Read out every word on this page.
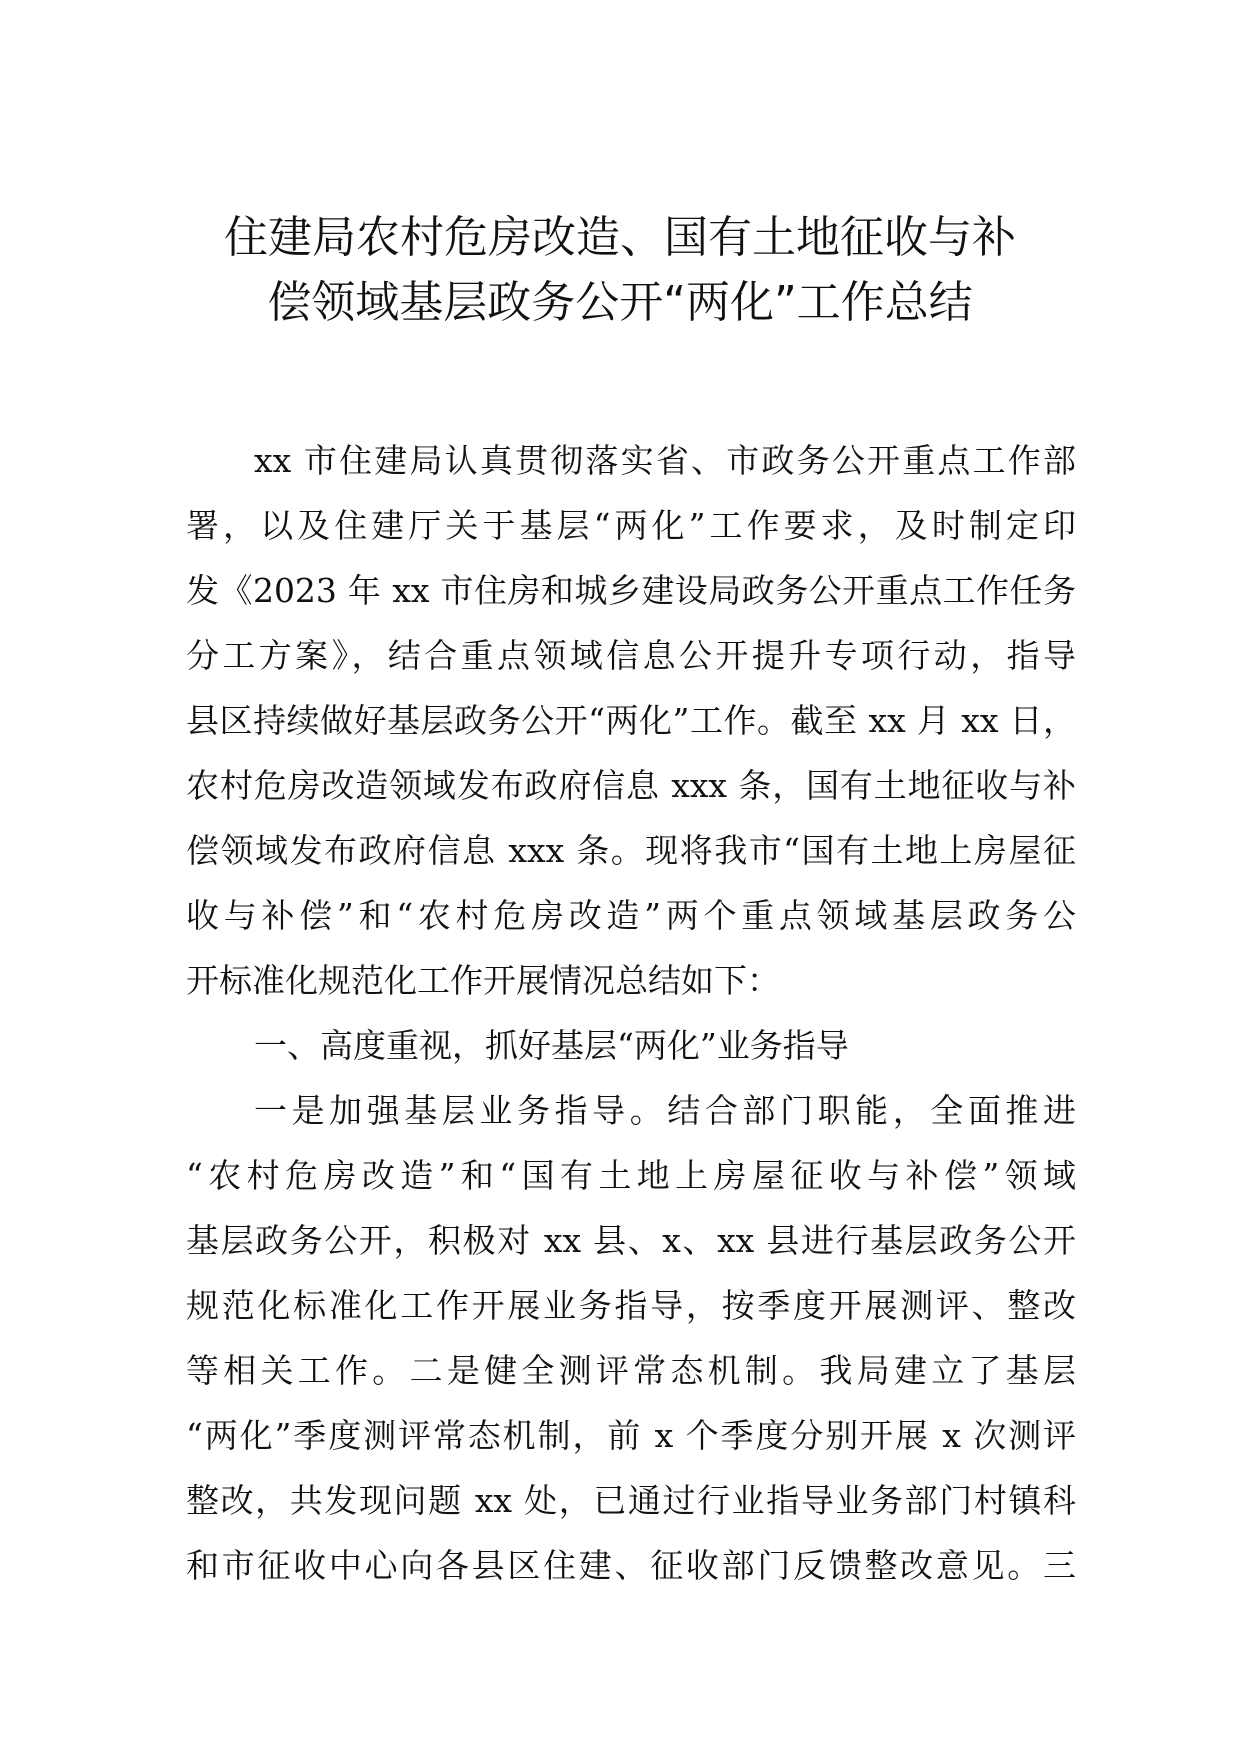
住建局农村危房改造、国有土地征收与补
偿领域基层政务公开“两化”工作总结
xx 市住建局认真贯彻落实省、市政务公开重点工作部
署，以及住建厅关于基层“两化”工作要求，及时制定印
发《2023 年 xx 市住房和城乡建设局政务公开重点工作任务
分工方案》，结合重点领域信息公开提升专项行动，指导
县区持续做好基层政务公开“两化”工作。截至 xx 月 xx 日，
农村危房改造领域发布政府信息 xxx 条，国有土地征收与补
偿领域发布政府信息 xxx 条。现将我市“国有土地上房屋征
收与补偿”和“农村危房改造”两个重点领域基层政务公
开标准化规范化工作开展情况总结如下：
一、高度重视，抓好基层“两化”业务指导
一是加强基层业务指导。结合部门职能，全面推进
“农村危房改造”和“国有土地上房屋征收与补偿”领域
基层政务公开，积极对 xx 县、x、xx 县进行基层政务公开
规范化标准化工作开展业务指导，按季度开展测评、整改
等相关工作。二是健全测评常态机制。我局建立了基层
“两化”季度测评常态机制，前 x 个季度分别开展 x 次测评
整改，共发现问题 xx 处，已通过行业指导业务部门村镇科
和市征收中心向各县区住建、征收部门反馈整改意见。三
